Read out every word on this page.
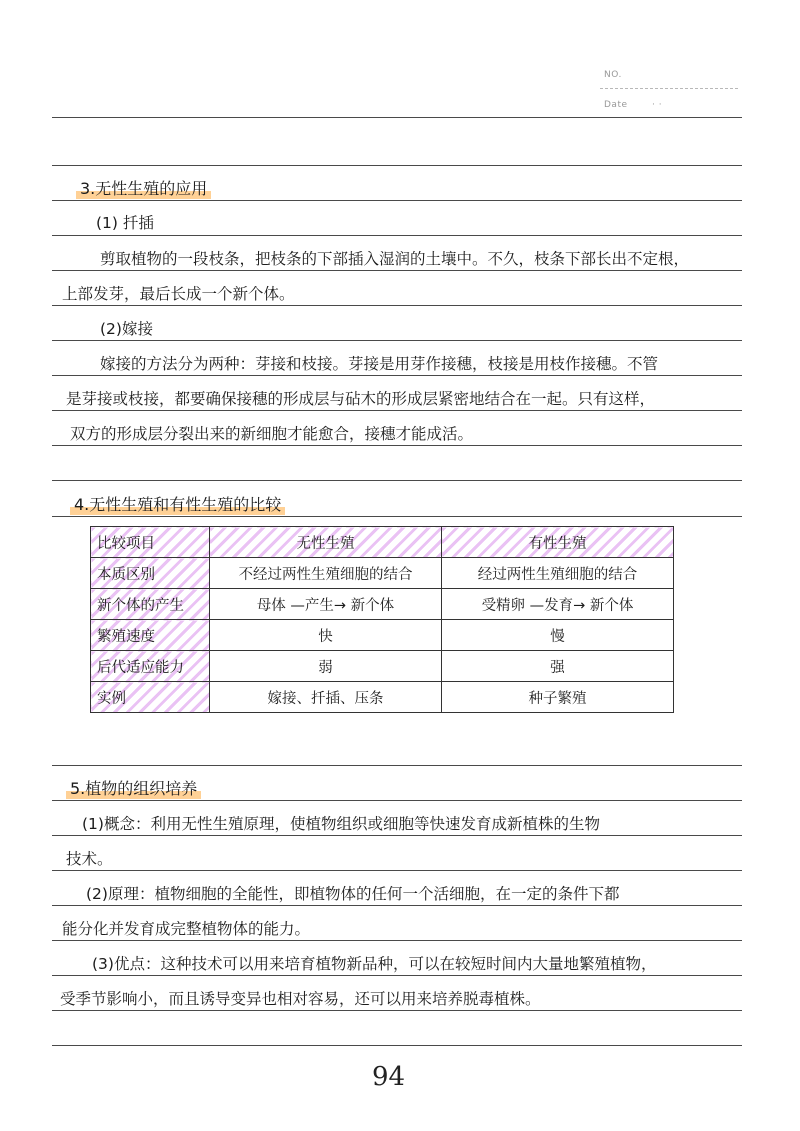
NO.
Date	· ·
3.无性生殖的应用
(1) 扦插
剪取植物的一段枝条，把枝条的下部插入湿润的土壤中。不久，枝条下部长出不定根，
上部发芽，最后长成一个新个体。
(2)嫁接
嫁接的方法分为两种：芽接和枝接。芽接是用芽作接穗，枝接是用枝作接穗。不管
是芽接或枝接，都要确保接穗的形成层与砧木的形成层紧密地结合在一起。只有这样，
双方的形成层分裂出来的新细胞才能愈合，接穗才能成活。
4.无性生殖和有性生殖的比较
比较项目	无性生殖	有性生殖
本质区别	不经过两性生殖细胞的结合	经过两性生殖细胞的结合
新个体的产生	母体 —产生→ 新个体	受精卵 —发育→ 新个体
繁殖速度	快	慢
后代适应能力	弱	强
实例	嫁接、扦插、压条	种子繁殖
5.植物的组织培养
(1)概念：利用无性生殖原理，使植物组织或细胞等快速发育成新植株的生物
技术。
(2)原理：植物细胞的全能性，即植物体的任何一个活细胞，在一定的条件下都
能分化并发育成完整植物体的能力。
(3)优点：这种技术可以用来培育植物新品种，可以在较短时间内大量地繁殖植物，
受季节影响小，而且诱导变异也相对容易，还可以用来培养脱毒植株。
94
